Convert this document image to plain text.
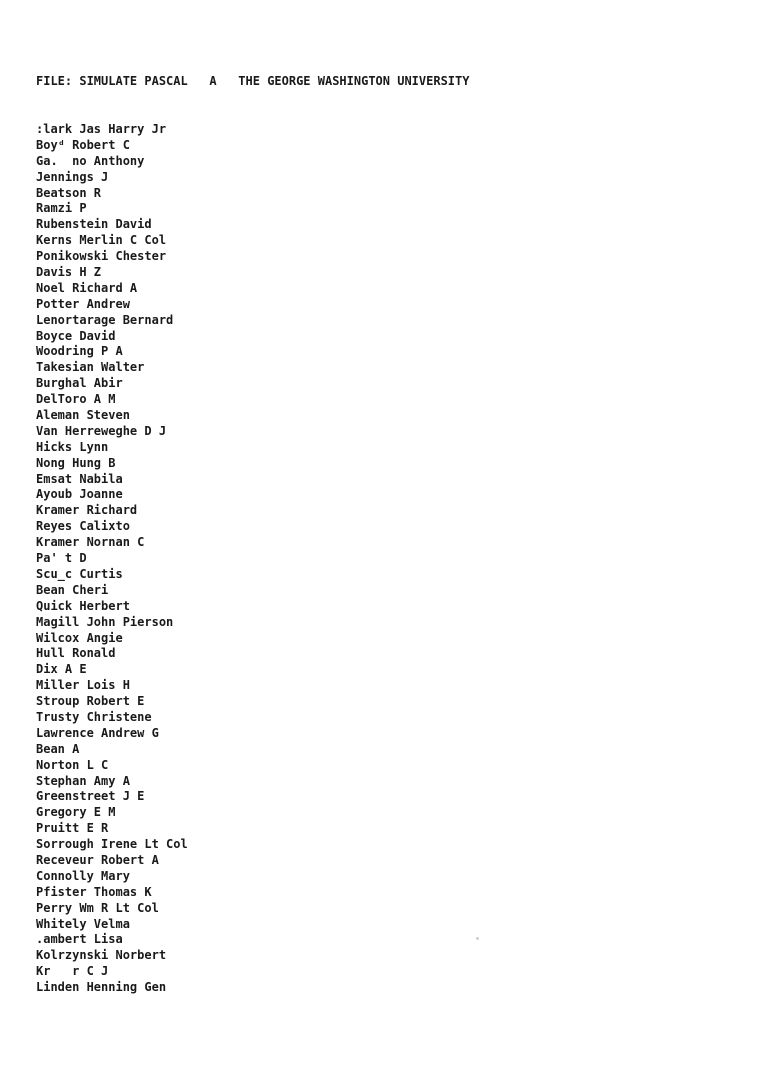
FILE: SIMULATE PASCAL   A   THE GEORGE WASHINGTON UNIVERSITY
:lark Jas Harry Jr
Boyᵈ Robert C
Ga.  no Anthony
Jennings J
Beatson R
Ramzi P
Rubenstein David
Kerns Merlin C Col
Ponikowski Chester
Davis H Z
Noel Richard A
Potter Andrew
Lenortarage Bernard
Boyce David
Woodring P A
Takesian Walter
Burghal Abir
DelToro A M
Aleman Steven
Van Herreweghe D J
Hicks Lynn
Nong Hung B
Emsat Nabila
Ayoub Joanne
Kramer Richard
Reyes Calixto
Kramer Nornan C
Pa' t D
Scu_c Curtis
Bean Cheri
Quick Herbert
Magill John Pierson
Wilcox Angie
Hull Ronald
Dix A E
Miller Lois H
Stroup Robert E
Trusty Christene
Lawrence Andrew G
Bean A
Norton L C
Stephan Amy A
Greenstreet J E
Gregory E M
Pruitt E R
Sorrough Irene Lt Col
Receveur Robert A
Connolly Mary
Pfister Thomas K
Perry Wm R Lt Col
Whitely Velma
.ambert Lisa
Kolrzynski Norbert
Kr   r C J
Linden Henning Gen
